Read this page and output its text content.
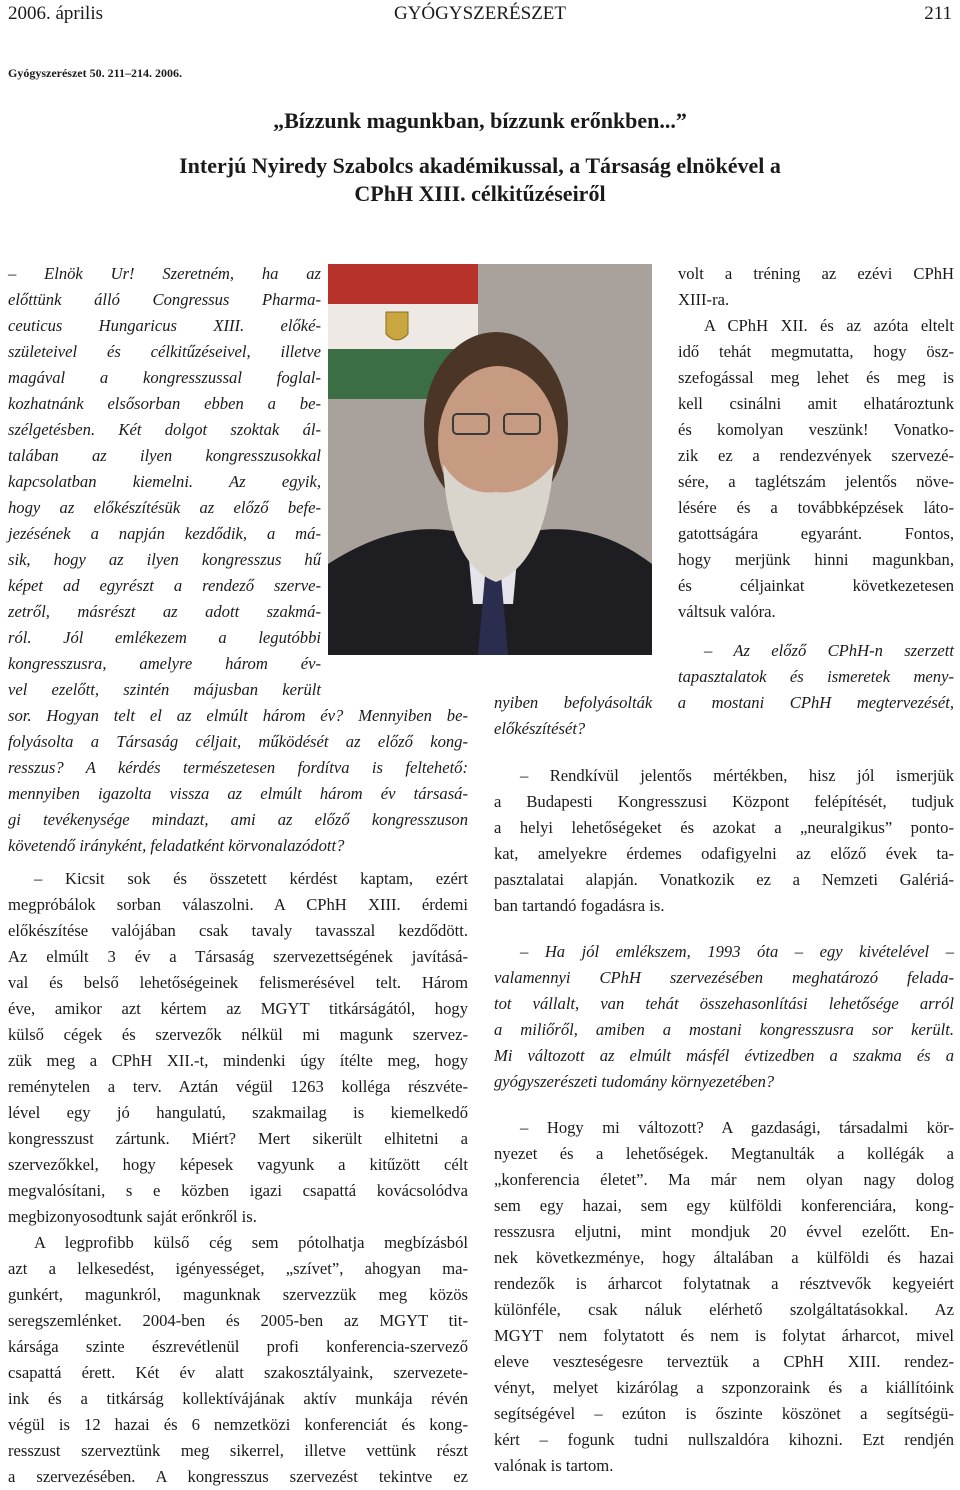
2006. április	GYÓGYSZERÉSZET	211
Gyógyszerészet 50. 211–214. 2006.
„Bízzunk magunkban, bízzunk erőnkben...”
Interjú Nyiredy Szabolcs akadémikussal, a Társaság elnökével a
CPhH XIII. célkitűzéseiről

– Elnök Ur! Szeretném, ha az

előttünk álló Congressus Pharma-

ceuticus Hungaricus XIII. előké-

születeivel és célkitűzéseivel, illetve

magával a kongresszussal foglal-

kozhatnánk elsősorban ebben a be-

szélgetésben. Két dolgot szoktak ál-

talában az ilyen kongresszusokkal

kapcsolatban kiemelni. Az egyik,

hogy az előkészítésük az előző befe-

jezésének a napján kezdődik, a má-

sik, hogy az ilyen kongresszus hű

képet ad egyrészt a rendező szerve-

zetről, másrészt az adott szakmá-

ról. Jól emlékezem a legutóbbi

kongresszusra, amelyre három év-

vel ezelőtt, szintén májusban került

sor. Hogyan telt el az elmúlt három év? Mennyiben be-

folyásolta a Társaság céljait, működését az előző kong-

resszus? A kérdés természetesen fordítva is feltehető:

mennyiben igazolta vissza az elmúlt három év társasá-

gi tevékenysége mindazt, ami az előző kongresszuson

követendő irányként, feladatként körvonalazódott?

– Kicsit sok és összetett kérdést kaptam, ezért

megpróbálok sorban válaszolni. A CPhH XIII. érdemi

előkészítése valójában csak tavaly tavasszal kezdődött.

Az elmúlt 3 év a Társaság szervezettségének javításá-

val és belső lehetőségeinek felismerésével telt. Három

éve, amikor azt kértem az MGYT titkárságától, hogy

külső cégek és szervezők nélkül mi magunk szervez-

zük meg a CPhH XII.-t, mindenki úgy ítélte meg, hogy

reménytelen a terv. Aztán végül 1263 kolléga részvéte-

lével egy jó hangulatú, szakmailag is kiemelkedő

kongresszust zártunk. Miért? Mert sikerült elhitetni a

szervezőkkel, hogy képesek vagyunk a kitűzött célt

megvalósítani, s e közben igazi csapattá kovácsolódva

megbizonyosodtunk saját erőnkről is.

A legprofibb külső cég sem pótolhatja megbízásból

azt a lelkesedést, igényességet, „szívet”, ahogyan ma-

gunkért, magunkról, magunknak szervezzük meg közös

seregszemlénket. 2004-ben és 2005-ben az MGYT tit-

kársága szinte észrevétlenül profi konferencia-szervező

csapattá érett. Két év alatt szakosztályaink, szervezete-

ink és a titkárság kollektívájának aktív munkája révén

végül is 12 hazai és 6 nemzetközi konferenciát és kong-

resszust szerveztünk meg sikerrel, illetve vettünk részt

a szervezésében. A kongresszus szervezést tekintve ez

volt a tréning az ezévi CPhH

XIII-ra.

A CPhH XII. és az azóta eltelt

idő tehát megmutatta, hogy ösz-

szefogással meg lehet és meg is

kell csinálni amit elhatároztunk

és komolyan veszünk! Vonatko-

zik ez a rendezvények szervezé-

sére, a taglétszám jelentős növe-

lésére és a továbbképzések láto-

gatottságára egyaránt. Fontos,

hogy merjünk hinni magunkban,

és céljainkat következetesen

váltsuk valóra.

– Az előző CPhH-n szerzett

tapasztalatok és ismeretek meny-

nyiben befolyásolták a mostani CPhH megtervezését,

előkészítését?

– Rendkívül jelentős mértékben, hisz jól ismerjük

a Budapesti Kongresszusi Központ felépítését, tudjuk

a helyi lehetőségeket és azokat a „neuralgikus” ponto-

kat, amelyekre érdemes odafigyelni az előző évek ta-

pasztalatai alapján. Vonatkozik ez a Nemzeti Galériá-

ban tartandó fogadásra is.

– Ha jól emlékszem, 1993 óta – egy kivételével –

valamennyi CPhH szervezésében meghatározó felada-

tot vállalt, van tehát összehasonlítási lehetősége arról

a miliőről, amiben a mostani kongresszusra sor került.

Mi változott az elmúlt másfél évtizedben a szakma és a

gyógyszerészeti tudomány környezetében?

– Hogy mi változott? A gazdasági, társadalmi kör-

nyezet és a lehetőségek. Megtanulták a kollégák a

„konferencia életet”. Ma már nem olyan nagy dolog

sem egy hazai, sem egy külföldi konferenciára, kong-

resszusra eljutni, mint mondjuk 20 évvel ezelőtt. En-

nek következménye, hogy általában a külföldi és hazai

rendezők is árharcot folytatnak a résztvevők kegyeiért

különféle, csak náluk elérhető szolgáltatásokkal. Az

MGYT nem folytatott és nem is folytat árharcot, mivel

eleve veszteségesre terveztük a CPhH XIII. rendez-

vényt, melyet kizárólag a szponzoraink és a kiállítóink

segítségével – ezúton is őszinte köszönet a segítségü-

kért – fogunk tudni nullszaldóra kihozni. Ezt rendjén

valónak is tartom.
